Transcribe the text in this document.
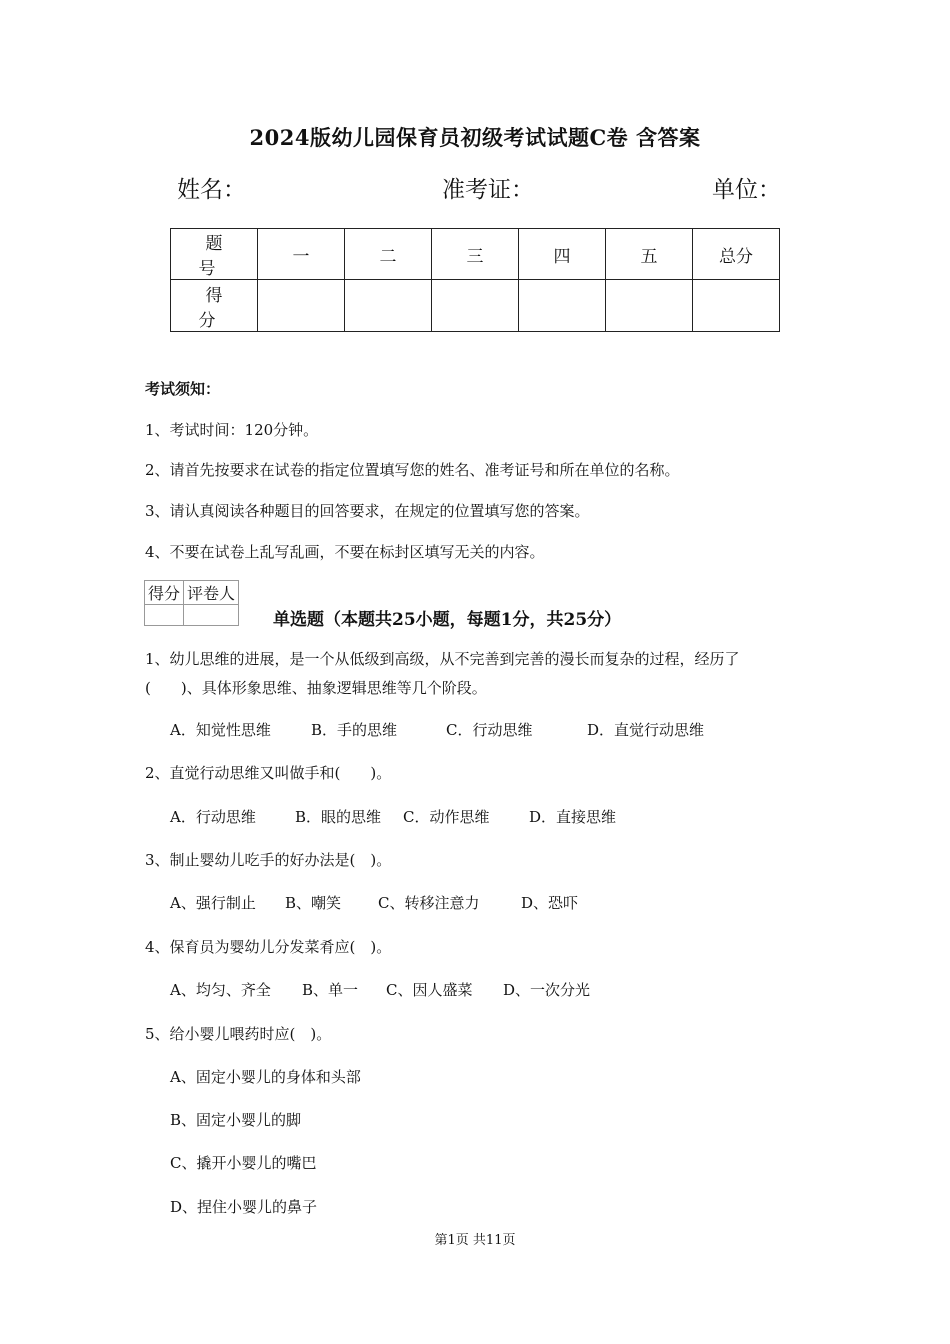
2024版幼儿园保育员初级考试试题C卷 含答案
姓名：	准考证：	单位：
题　号	一	二	三	四	五	总分
得　分						
考试须知：
1、考试时间：120分钟。
2、请首先按要求在试卷的指定位置填写您的姓名、准考证号和所在单位的名称。
3、请认真阅读各种题目的回答要求，在规定的位置填写您的答案。
4、不要在试卷上乱写乱画，不要在标封区填写无关的内容。
得分	评卷人

单选题（本题共25小题，每题1分，共25分）
1、幼儿思维的进展，是一个从低级到高级，从不完善到完善的漫长而复杂的过程，经历了
(　　)、具体形象思维、抽象逻辑思维等几个阶段。
A．知觉性思维	B．手的思维	C．行动思维	D．直觉行动思维
2、直觉行动思维又叫做手和(　　)。
A．行动思维	B．眼的思维 C．动作思维	D．直接思维
3、制止婴幼儿吃手的好办法是(　)。
A、强行制止 B、嘲笑 C、转移注意力	D、恐吓
4、保育员为婴幼儿分发菜肴应(　)。
A、均匀、齐全 B、单一 C、因人盛菜 D、一次分光
5、给小婴儿喂药时应(　)。
A、固定小婴儿的身体和头部
B、固定小婴儿的脚
C、撬开小婴儿的嘴巴
D、捏住小婴儿的鼻子
第1页 共11页
